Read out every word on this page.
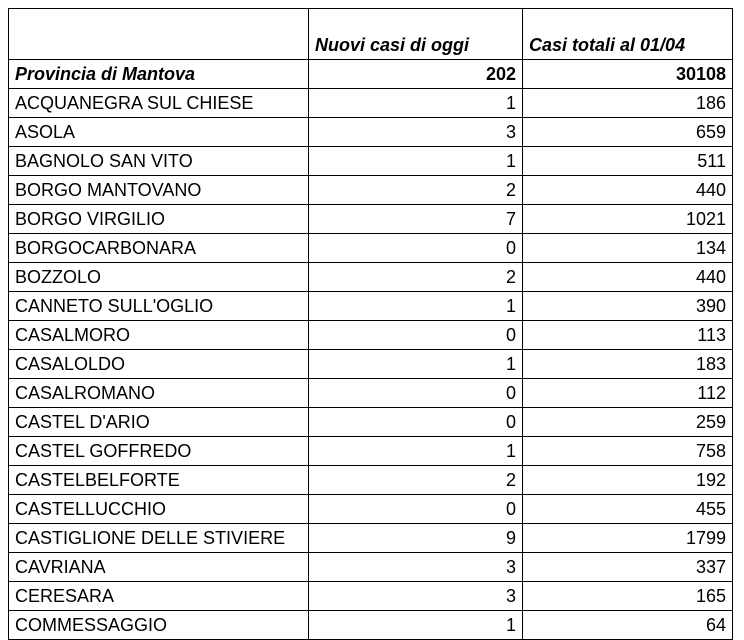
	Nuovi casi di oggi	Casi totali al 01/04
Provincia di Mantova	202	30108
ACQUANEGRA SUL CHIESE	1	186
ASOLA	3	659
BAGNOLO SAN VITO	1	511
BORGO MANTOVANO	2	440
BORGO VIRGILIO	7	1021
BORGOCARBONARA	0	134
BOZZOLO	2	440
CANNETO SULL'OGLIO	1	390
CASALMORO	0	113
CASALOLDO	1	183
CASALROMANO	0	112
CASTEL D'ARIO	0	259
CASTEL GOFFREDO	1	758
CASTELBELFORTE	2	192
CASTELLUCCHIO	0	455
CASTIGLIONE DELLE STIVIERE	9	1799
CAVRIANA	3	337
CERESARA	3	165
COMMESSAGGIO	1	64
